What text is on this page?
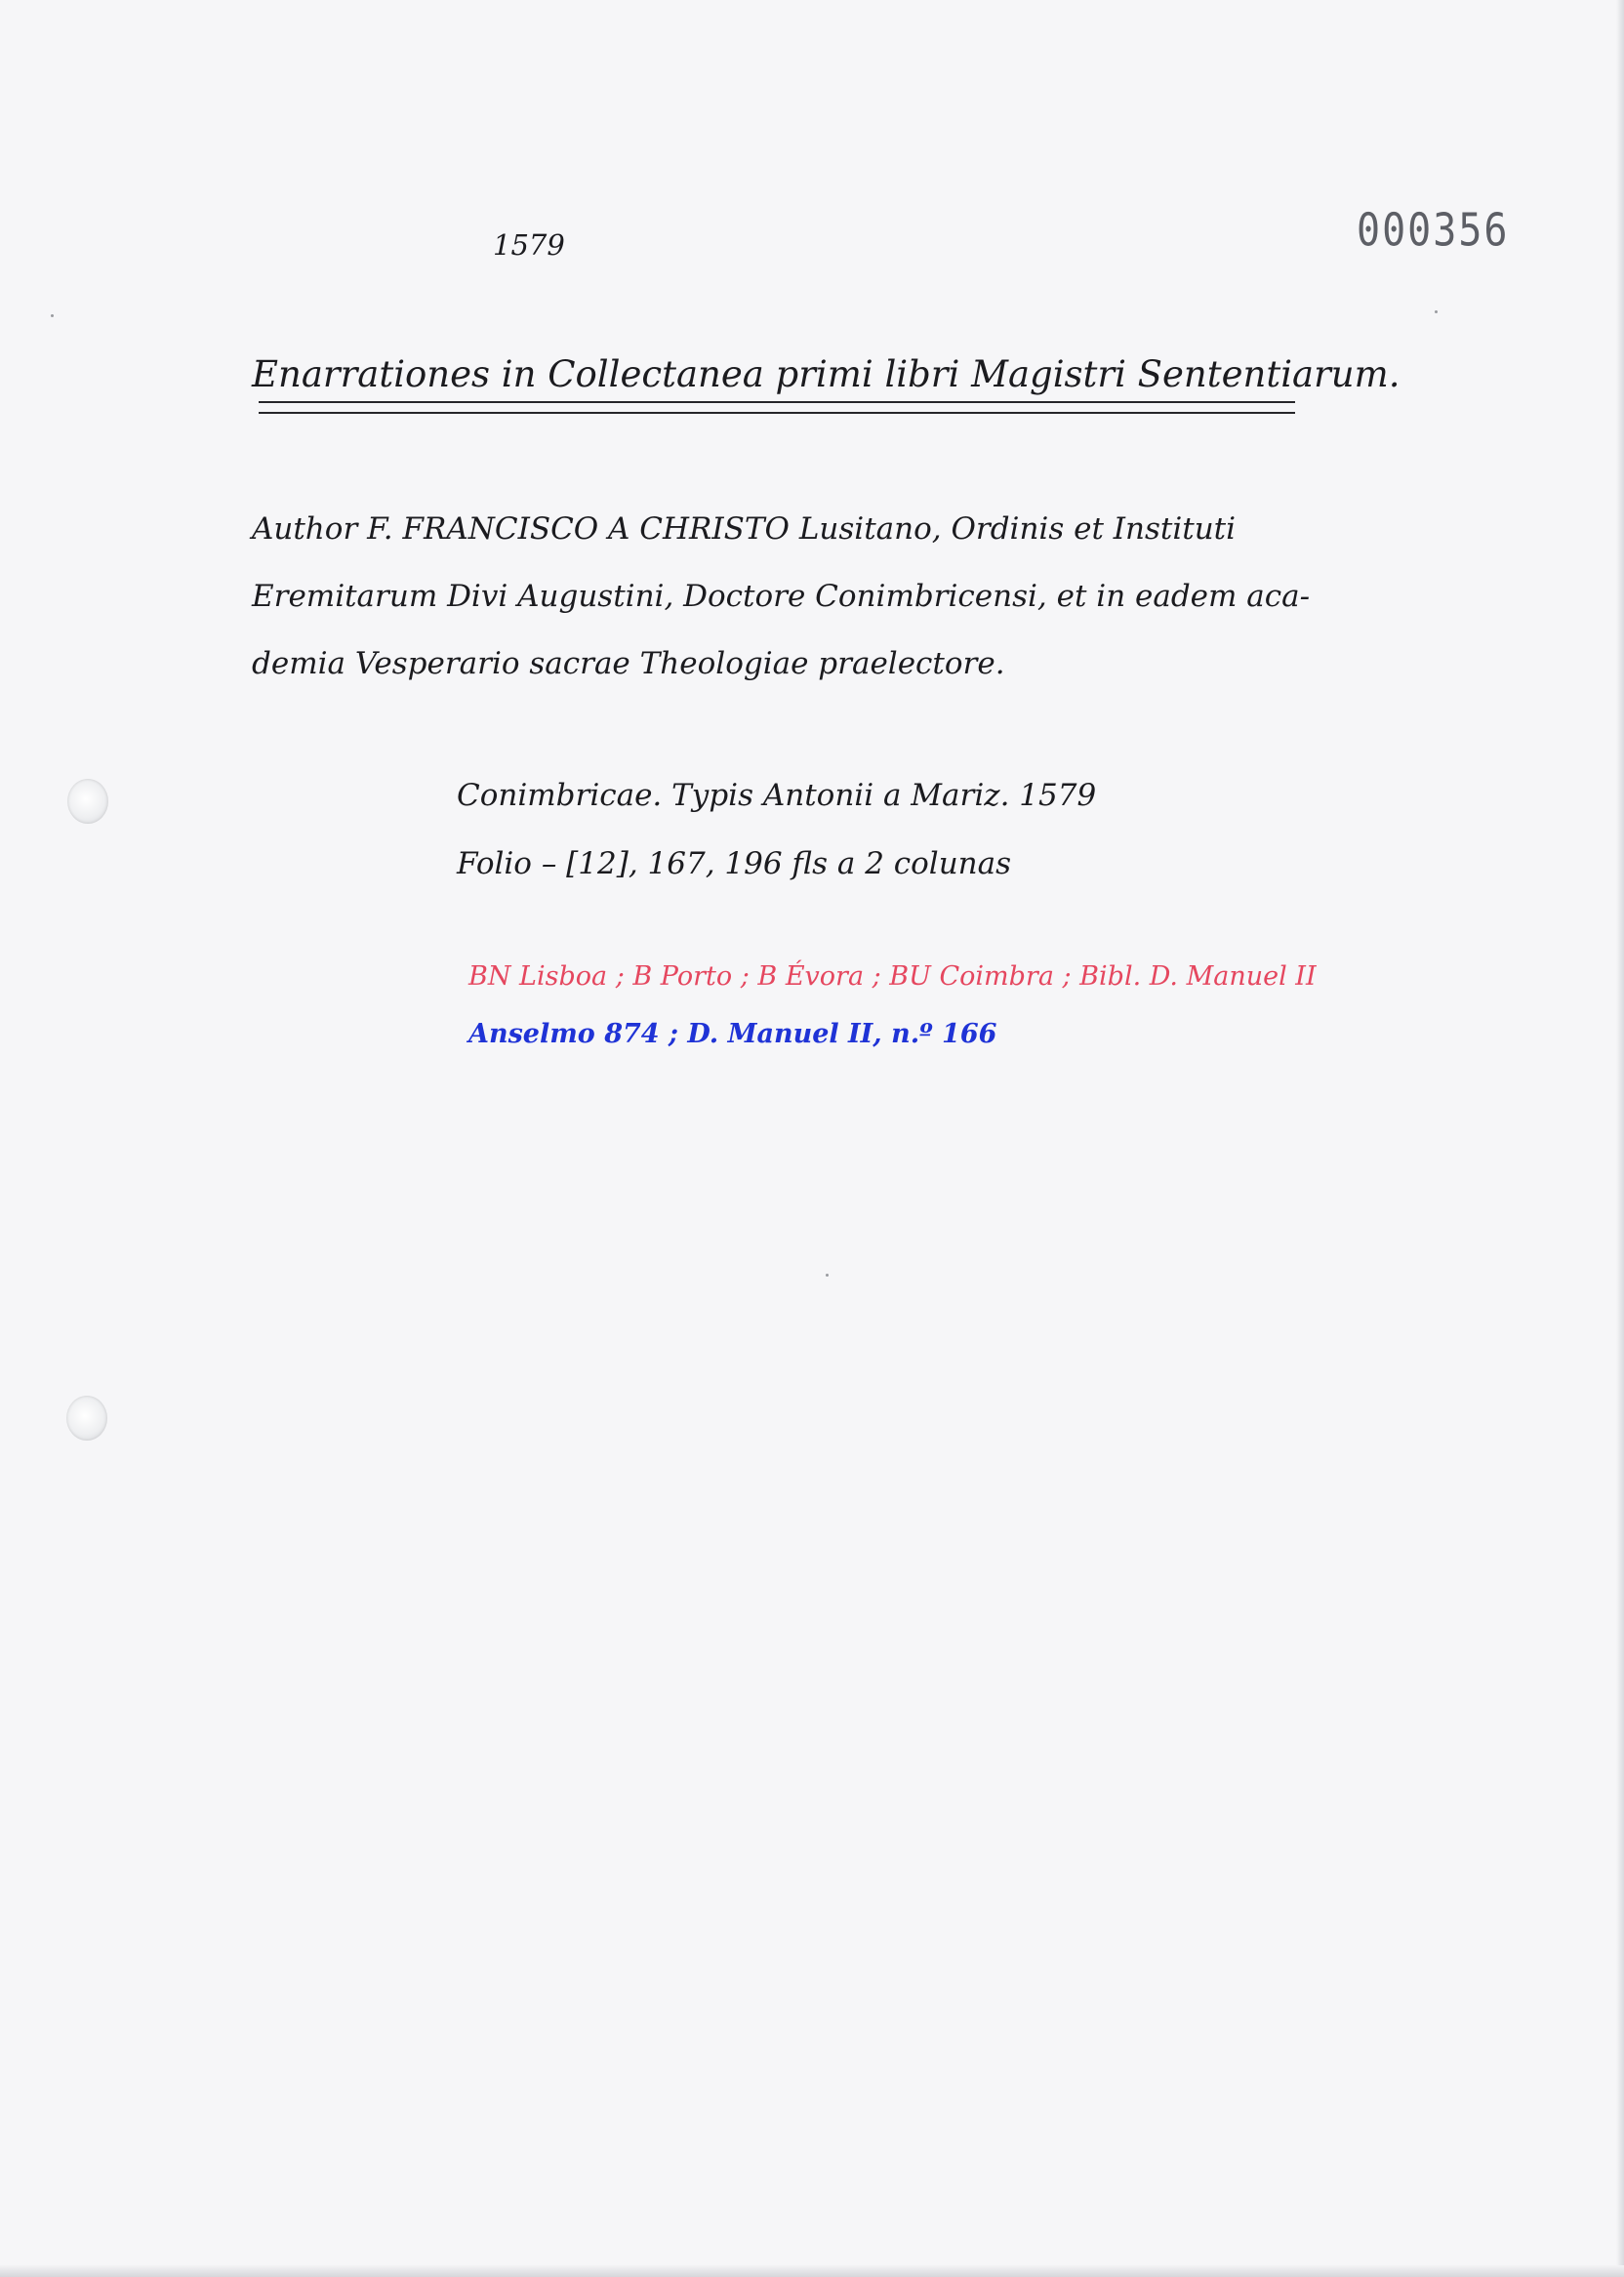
1579	000356
Enarrationes in Collectanea primi libri Magistri Sententiarum.
Author F. FRANCISCO A CHRISTO Lusitano, Ordinis et Instituti
Eremitarum Divi Augustini, Doctore Conimbricensi, et in eadem aca-
demia Vesperario sacrae Theologiae praelectore.
Conimbricae. Typis Antonii a Mariz. 1579
Folio – [12], 167, 196 fls a 2 colunas
BN Lisboa ; B Porto ; B Évora ; BU Coimbra ; Bibl. D. Manuel II
Anselmo 874 ; D. Manuel II, n.º 166
